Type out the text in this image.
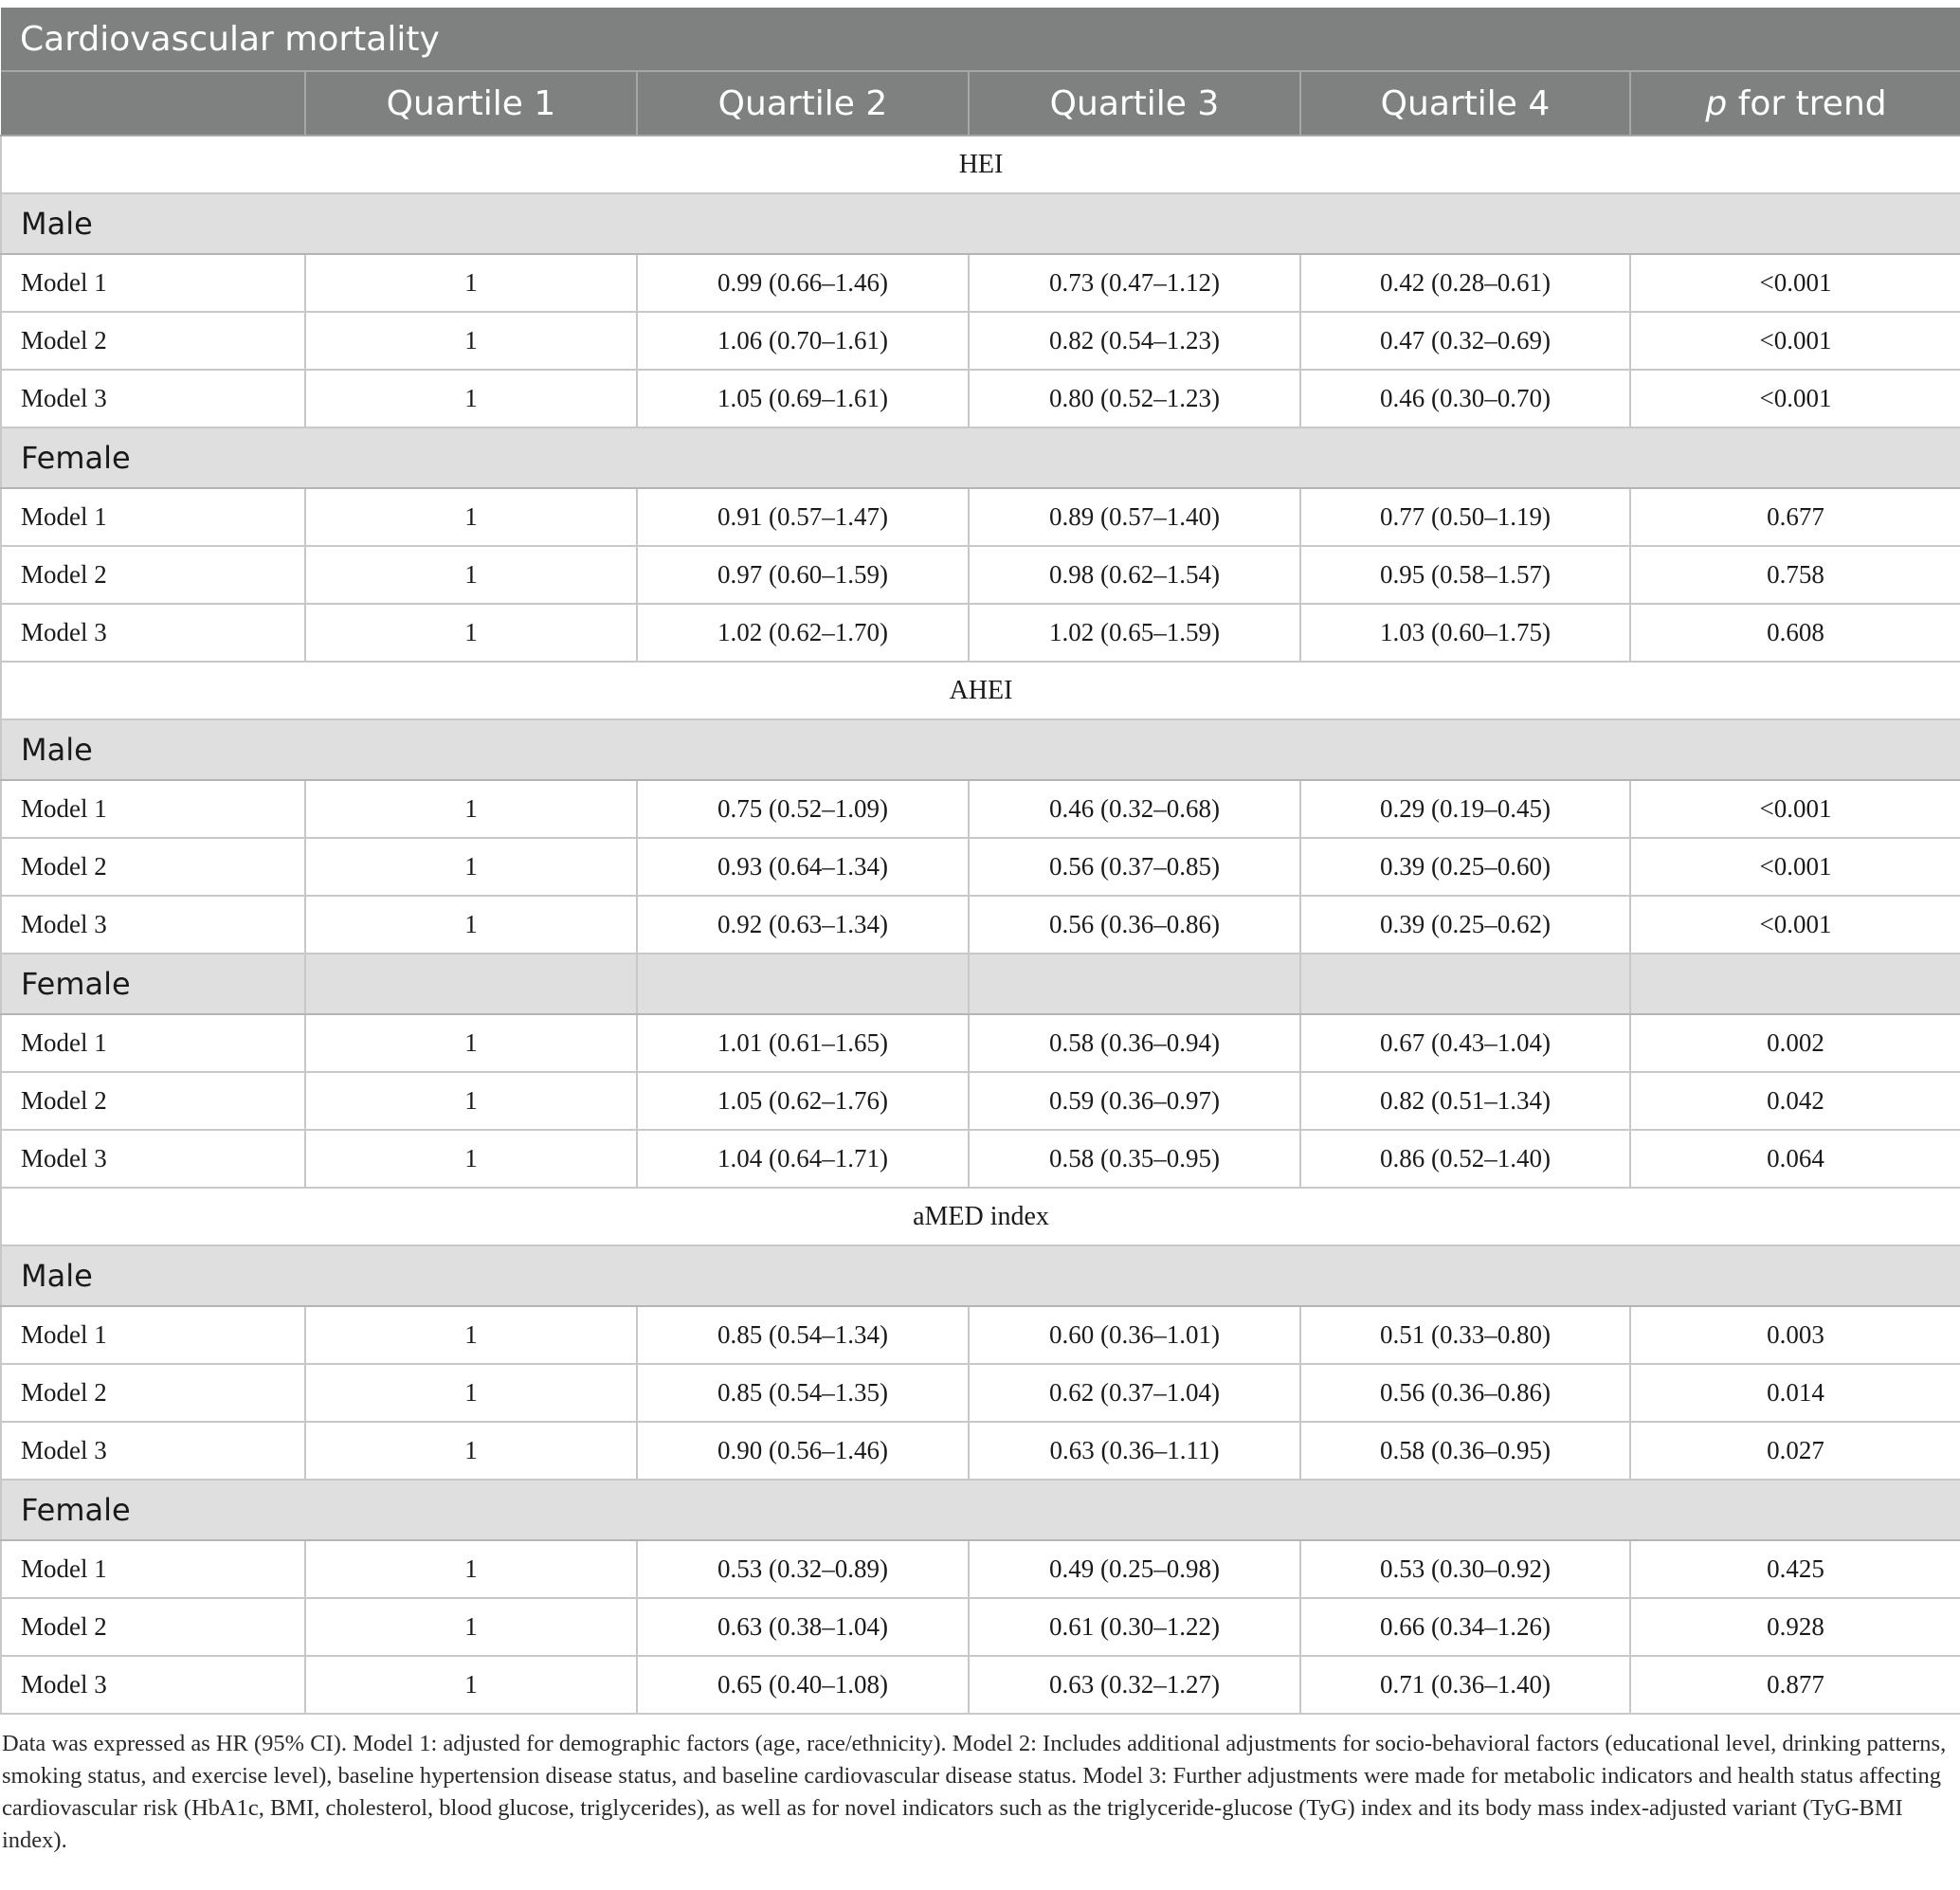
Cardiovascular mortality					
	Quartile 1	Quartile 2	Quartile 3	Quartile 4	p for trend
HEI					
Male					
Model 1	1	0.99 (0.66–1.46)	0.73 (0.47–1.12)	0.42 (0.28–0.61)	<0.001
Model 2	1	1.06 (0.70–1.61)	0.82 (0.54–1.23)	0.47 (0.32–0.69)	<0.001
Model 3	1	1.05 (0.69–1.61)	0.80 (0.52–1.23)	0.46 (0.30–0.70)	<0.001
Female					
Model 1	1	0.91 (0.57–1.47)	0.89 (0.57–1.40)	0.77 (0.50–1.19)	0.677
Model 2	1	0.97 (0.60–1.59)	0.98 (0.62–1.54)	0.95 (0.58–1.57)	0.758
Model 3	1	1.02 (0.62–1.70)	1.02 (0.65–1.59)	1.03 (0.60–1.75)	0.608
AHEI					
Male					
Model 1	1	0.75 (0.52–1.09)	0.46 (0.32–0.68)	0.29 (0.19–0.45)	<0.001
Model 2	1	0.93 (0.64–1.34)	0.56 (0.37–0.85)	0.39 (0.25–0.60)	<0.001
Model 3	1	0.92 (0.63–1.34)	0.56 (0.36–0.86)	0.39 (0.25–0.62)	<0.001
Female					
Model 1	1	1.01 (0.61–1.65)	0.58 (0.36–0.94)	0.67 (0.43–1.04)	0.002
Model 2	1	1.05 (0.62–1.76)	0.59 (0.36–0.97)	0.82 (0.51–1.34)	0.042
Model 3	1	1.04 (0.64–1.71)	0.58 (0.35–0.95)	0.86 (0.52–1.40)	0.064
aMED index					
Male					
Model 1	1	0.85 (0.54–1.34)	0.60 (0.36–1.01)	0.51 (0.33–0.80)	0.003
Model 2	1	0.85 (0.54–1.35)	0.62 (0.37–1.04)	0.56 (0.36–0.86)	0.014
Model 3	1	0.90 (0.56–1.46)	0.63 (0.36–1.11)	0.58 (0.36–0.95)	0.027
Female					
Model 1	1	0.53 (0.32–0.89)	0.49 (0.25–0.98)	0.53 (0.30–0.92)	0.425
Model 2	1	0.63 (0.38–1.04)	0.61 (0.30–1.22)	0.66 (0.34–1.26)	0.928
Model 3	1	0.65 (0.40–1.08)	0.63 (0.32–1.27)	0.71 (0.36–1.40)	0.877

Data was expressed as HR (95% CI). Model 1: adjusted for demographic factors (age, race/ethnicity). Model 2: Includes additional adjustments for socio-behavioral factors (educational level, drinking patterns, smoking status, and exercise level), baseline hypertension disease status, and baseline cardiovascular disease status. Model 3: Further adjustments were made for metabolic indicators and health status affecting cardiovascular risk (HbA1c, BMI, cholesterol, blood glucose, triglycerides), as well as for novel indicators such as the triglyceride-glucose (TyG) index and its body mass index-adjusted variant (TyG-BMI index).
